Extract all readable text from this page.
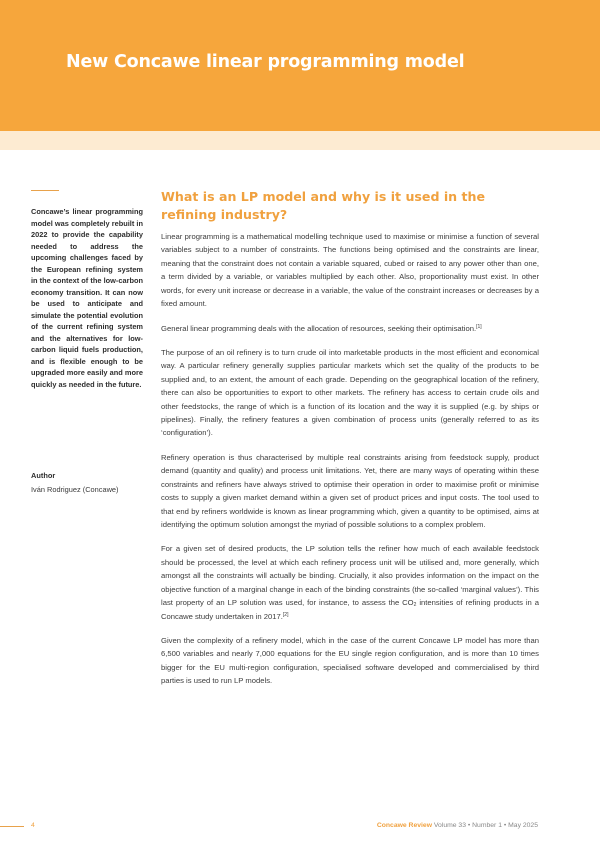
New Concawe linear programming model
Concawe’s linear programming model was completely rebuilt in 2022 to provide the capability needed to address the upcoming challenges faced by the European refining system in the context of the low-carbon economy transition. It can now be used to anticipate and simulate the potential evolution of the current refining system and the alternatives for low-carbon liquid fuels production, and is flexible enough to be upgraded more easily and more quickly as needed in the future.
Author
Iván Rodriguez (Concawe)
What is an LP model and why is it used in the refining industry?

Linear programming is a mathematical modelling technique used to maximise or minimise a function of several variables subject to a number of constraints. The functions being optimised and the constraints are linear, meaning that the constraint does not contain a variable squared, cubed or raised to any power other than one, a term divided by a variable, or variables multiplied by each other. Also, proportionality must exist. In other words, for every unit increase or decrease in a variable, the value of the constraint increases or decreases by a fixed amount.

General linear programming deals with the allocation of resources, seeking their optimisation.[1]

The purpose of an oil refinery is to turn crude oil into marketable products in the most efficient and economical way. A particular refinery generally supplies particular markets which set the quality of the products to be supplied and, to an extent, the amount of each grade. Depending on the geographical location of the refinery, there can also be opportunities to export to other markets. The refinery has access to certain crude oils and other feedstocks, the range of which is a function of its location and the way it is supplied (e.g. by ships or pipelines). Finally, the refinery features a given combination of process units (generally referred to as its ‘configuration’).

Refinery operation is thus characterised by multiple real constraints arising from feedstock supply, product demand (quantity and quality) and process unit limitations. Yet, there are many ways of operating within these constraints and refiners have always strived to optimise their operation in order to maximise profit or minimise costs to supply a given market demand within a given set of product prices and input costs. The tool used to that end by refiners worldwide is known as linear programming which, given a quantity to be optimised, aims at identifying the optimum solution amongst the myriad of possible solutions to a complex problem.

For a given set of desired products, the LP solution tells the refiner how much of each available feedstock should be processed, the level at which each refinery process unit will be utilised and, more generally, which amongst all the constraints will actually be binding. Crucially, it also provides information on the impact on the objective function of a marginal change in each of the binding constraints (the so-called ‘marginal values’). This last property of an LP solution was used, for instance, to assess the $CO_2$ intensities of refining products in a Concawe study undertaken in 2017.[2]

Given the complexity of a refinery model, which in the case of the current Concawe LP model has more than 6,500 variables and nearly 7,000 equations for the EU single region configuration, and is more than 10 times bigger for the EU multi-region configuration, specialised software developed and commercialised by third parties is used to run LP models.

4	Concawe Review Volume 33 • Number 1 • May 2025
